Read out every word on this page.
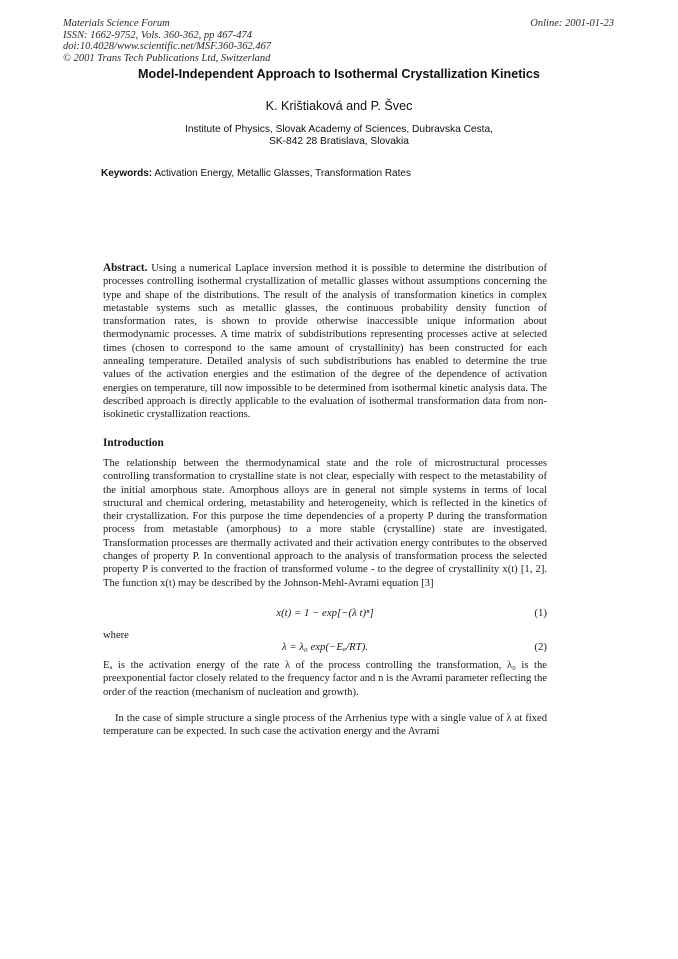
Materials Science Forum
ISSN: 1662-9752, Vols. 360-362, pp 467-474
doi:10.4028/www.scientific.net/MSF.360-362.467
© 2001 Trans Tech Publications Ltd, Switzerland
Online: 2001-01-23
Model-Independent Approach to Isothermal Crystallization Kinetics
K. Krištiaková and P. Švec
Institute of Physics, Slovak Academy of Sciences, Dubravska Cesta,
SK-842 28 Bratislava, Slovakia
Keywords: Activation Energy, Metallic Glasses, Transformation Rates
Abstract. Using a numerical Laplace inversion method it is possible to determine the distribution of processes controlling isothermal crystallization of metallic glasses without assumptions concerning the type and shape of the distributions. The result of the analysis of transformation kinetics in complex metastable systems such as metallic glasses, the continuous probability density function of transformation rates, is shown to provide otherwise inaccessible unique information about thermodynamic processes. A time matrix of subdistributions representing processes active at selected times (chosen to correspond to the same amount of crystallinity) has been constructed for each annealing temperature. Detailed analysis of such subdistributions has enabled to determine the true values of the activation energies and the estimation of the degree of the dependence of activation energies on temperature, till now impossible to be determined from isothermal kinetic analysis data. The described approach is directly applicable to the evaluation of isothermal transformation data from non-isokinetic crystallization reactions.
Introduction
The relationship between the thermodynamical state and the role of microstructural processes controlling transformation to crystalline state is not clear, especially with respect to the metastability of the initial amorphous state. Amorphous alloys are in general not simple systems in terms of local structural and chemical ordering, metastability and heterogeneity, which is reflected in the kinetics of their crystallization. For this purpose the time dependencies of a property P during the transformation process from metastable (amorphous) to a more stable (crystalline) state are investigated. Transformation processes are thermally activated and their activation energy contributes to the observed changes of property P. In conventional approach to the analysis of transformation process the selected property P is converted to the fraction of transformed volume - to the degree of crystallinity x(t) [1, 2]. The function x(t) may be described by the Johnson-Mehl-Avrami equation [3]
x(t) = 1 − exp[−(λ t)ⁿ]	(1)
where
λ = λ₀ exp(−Eₐ/RT).	(2)
Eₐ is the activation energy of the rate λ of the process controlling the transformation, λ₀ is the preexponential factor closely related to the frequency factor and n is the Avrami parameter reflecting the order of the reaction (mechanism of nucleation and growth).
In the case of simple structure a single process of the Arrhenius type with a single value of λ at fixed temperature can be expected. In such case the activation energy and the Avrami
